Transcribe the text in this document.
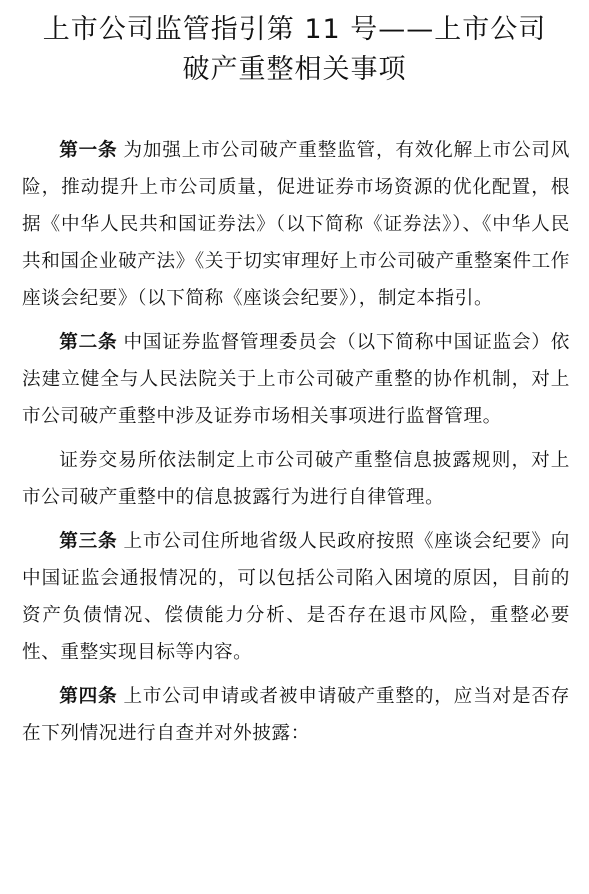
上市公司监管指引第 11 号——上市公司
破产重整相关事项

第一条 为加强上市公司破产重整监管，有效化解上市公司风险，推动提升上市公司质量，促进证券市场资源的优化配置，根据《中华人民共和国证券法》（以下简称《证券法》）、《中华人民共和国企业破产法》《关于切实审理好上市公司破产重整案件工作座谈会纪要》（以下简称《座谈会纪要》），制定本指引。

第二条 中国证券监督管理委员会（以下简称中国证监会）依法建立健全与人民法院关于上市公司破产重整的协作机制，对上市公司破产重整中涉及证券市场相关事项进行监督管理。

证券交易所依法制定上市公司破产重整信息披露规则，对上市公司破产重整中的信息披露行为进行自律管理。

第三条 上市公司住所地省级人民政府按照《座谈会纪要》向中国证监会通报情况的，可以包括公司陷入困境的原因，目前的资产负债情况、偿债能力分析、是否存在退市风险，重整必要性、重整实现目标等内容。

第四条 上市公司申请或者被申请破产重整的，应当对是否存在下列情况进行自查并对外披露：
